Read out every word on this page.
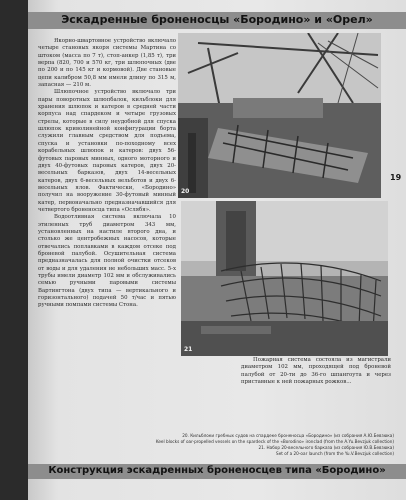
Эскадренные броненосцы «Бородино» и «Орел»

Якорно-швартовное устройство включало четыре становых якоря системы Мартина со штоком (масса по 7 т), стоп-анкер (1,85 т), три верпа (820, 700 и 570 кг, три шлюпочных (две по 200 и по 145 кг и кормовой). Две становые цепи калибром 50,8 мм имели длину по 315 м, запасная — 210 м.

Шлюпочное устройство включало три пары поворотных шлюпбалок, кильблоки для хранения шлюпок и катеров в средней части корпуса над спардеком и четыре грузовых стрелы, которые в силу неудобной для спуска шлюпок криволинейной конфигурации борта служили главным средством для подъема, спуска и установки по-походному всех корабельных шлюпок и катеров: двух 56-футовых паровых минных, одного моторного и двух 40-футовых паровых катеров, двух 20-весельных барказов, двух 14-весельных катеров, двух 6-весельных вельботов и двух 6-весельных ялов. Фактически, «Бородино» получил на вооружение 30-футовый минный катер, первоначально предназначавшийся для четвертого броненосца типа «Ослябя».

Водоотливная система включала 10 этиленных труб диаметром 343 мм, установленных на настиле второго дна, и столько же центробежных насосов, которые отвечались поплавками в каждом отсеке под броневой палубой. Осушительная система предназначалась для полной очистки отсеков от воды и для удаления не небольших масс. 5-х трубы имели диаметр 102 мм и обслуживались семью ручными паровыми системы Вартингтона (двух типа — вертикального и горизонтального) подачей 50 т/час и пятью ручными помпами системы Стона.

20
21
19

Пожарная система состояла из магистрали диаметром 102 мм, проходящей под броневой палубой от 20-ти до 36-го шпангоута и через приставные к ней пожарных рожков...

20. Кильблоки гребных судов на спардеке броненосца «Бородино» (из собрания А.Ю.Бевзюка)
Keel blocks of oar-propelled vessels on the spardeck of the «Borodino» ironclad (from the A.Yu.Bevzjuk collection)
21. Набор 20-весельного барказа (из собрания Ю.В.Бевзюка)
Set of a 20-oar launch (from the Yu.V.Bevzjuk collection)
Конструкция эскадренных броненосцев типа «Бородино»
